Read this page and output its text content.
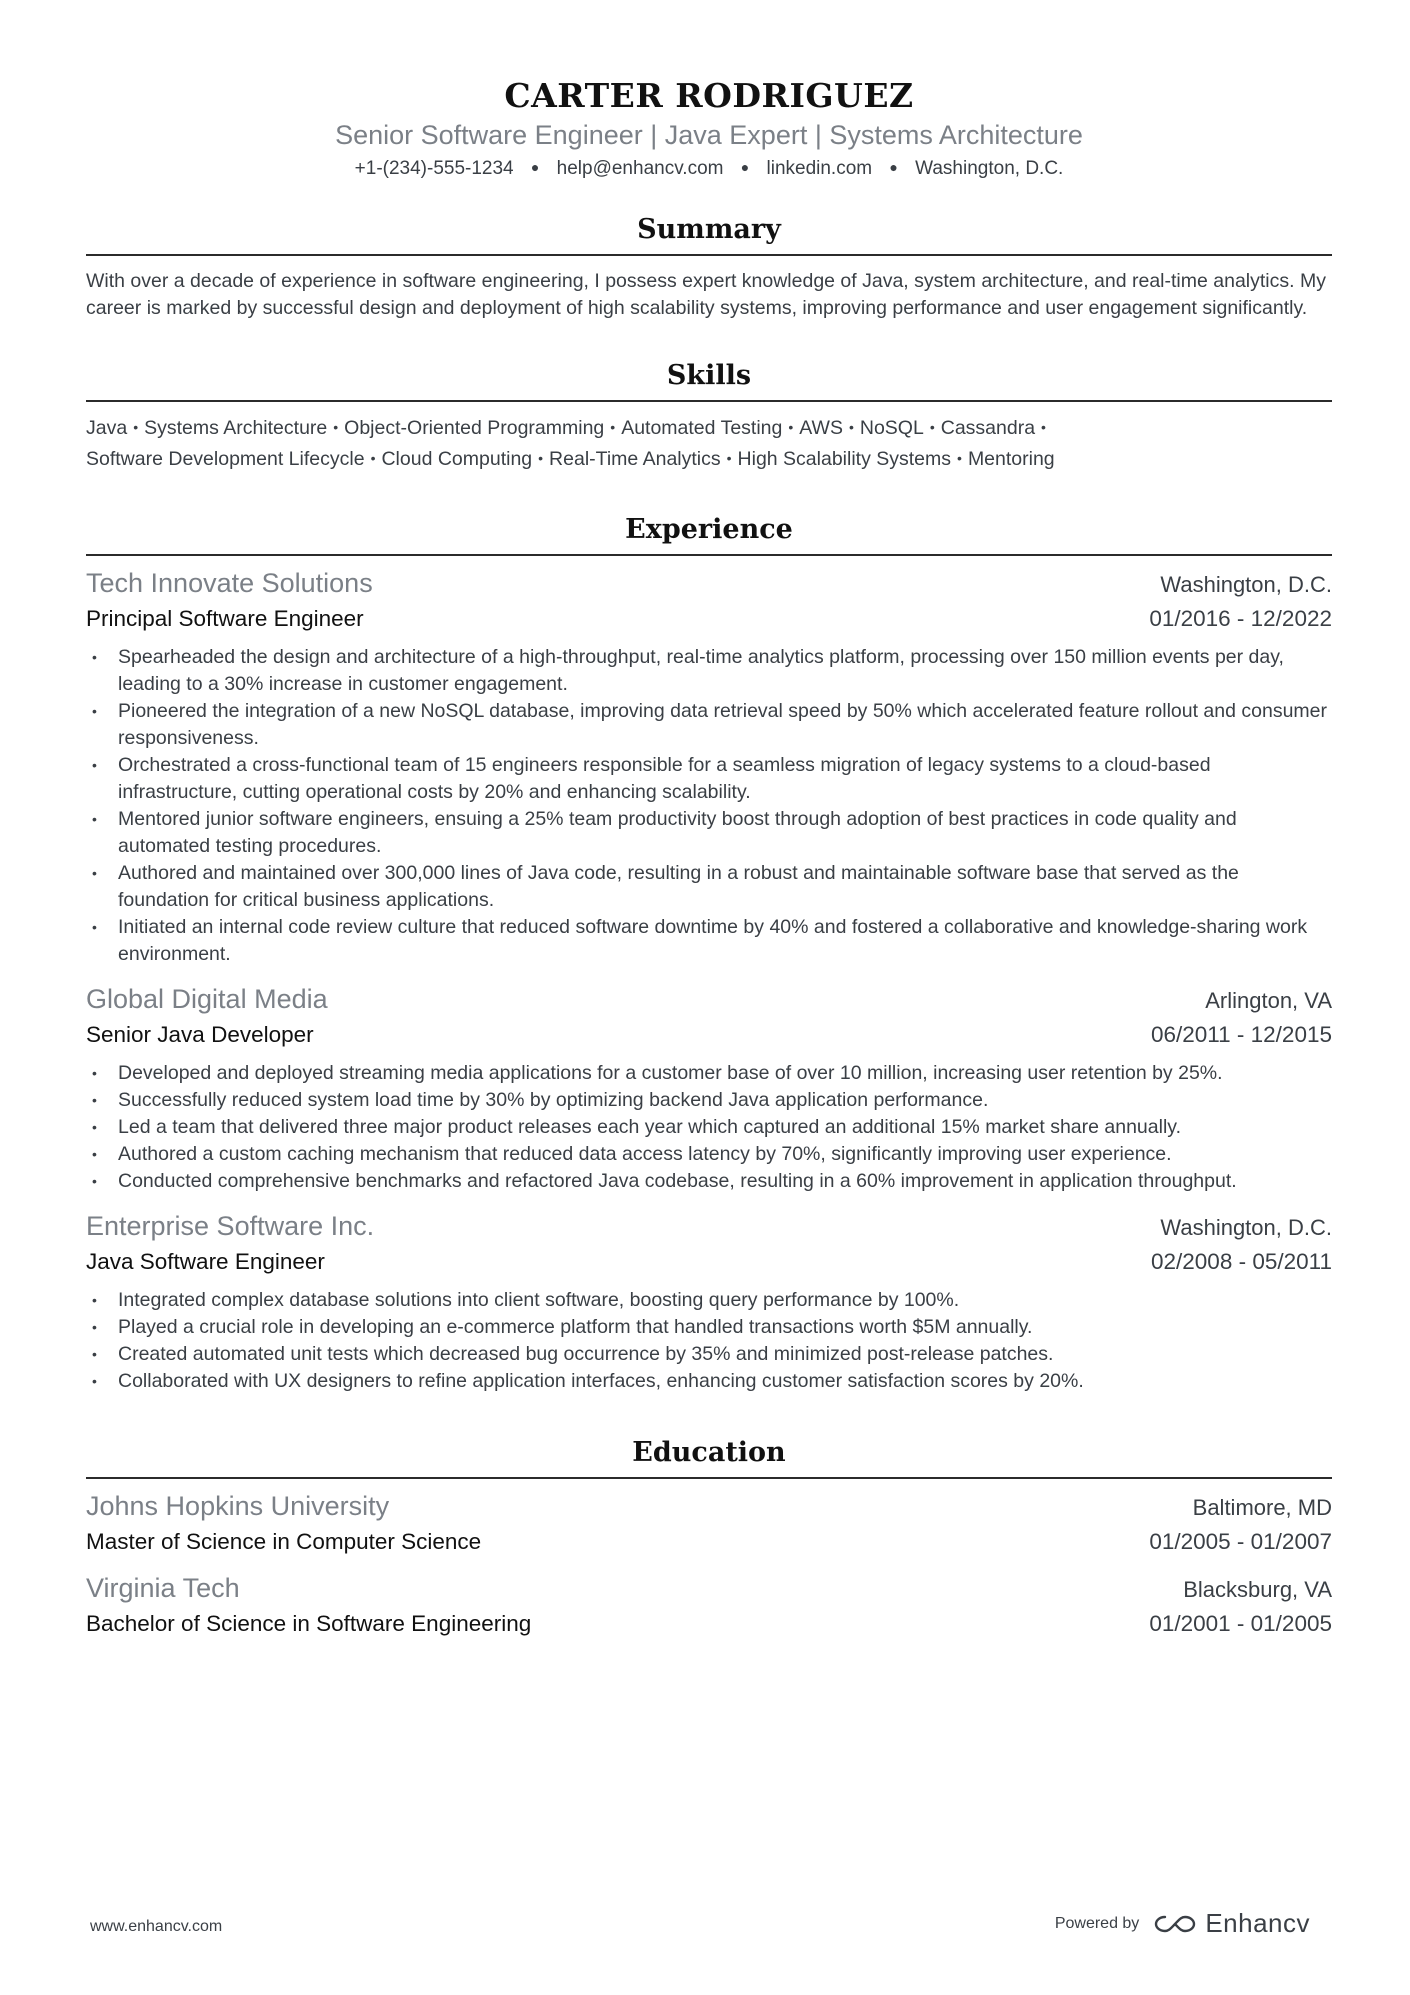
CARTER RODRIGUEZ
Senior Software Engineer | Java Expert | Systems Architecture
+1-(234)-555-1234 ● help@enhancv.com ● linkedin.com ● Washington, D.C.
Summary
With over a decade of experience in software engineering, I possess expert knowledge of Java, system architecture, and real-time analytics. My career is marked by successful design and deployment of high scalability systems, improving performance and user engagement significantly.
Skills
Java • Systems Architecture • Object-Oriented Programming • Automated Testing • AWS • NoSQL • Cassandra •
Software Development Lifecycle • Cloud Computing • Real-Time Analytics • High Scalability Systems • Mentoring
Experience
Tech Innovate Solutions	Washington, D.C.
Principal Software Engineer	01/2016 - 12/2022
• Spearheaded the design and architecture of a high-throughput, real-time analytics platform, processing over 150 million events per day, leading to a 30% increase in customer engagement.
• Pioneered the integration of a new NoSQL database, improving data retrieval speed by 50% which accelerated feature rollout and consumer responsiveness.
• Orchestrated a cross-functional team of 15 engineers responsible for a seamless migration of legacy systems to a cloud-based infrastructure, cutting operational costs by 20% and enhancing scalability.
• Mentored junior software engineers, ensuing a 25% team productivity boost through adoption of best practices in code quality and automated testing procedures.
• Authored and maintained over 300,000 lines of Java code, resulting in a robust and maintainable software base that served as the foundation for critical business applications.
• Initiated an internal code review culture that reduced software downtime by 40% and fostered a collaborative and knowledge-sharing work environment.
Global Digital Media	Arlington, VA
Senior Java Developer	06/2011 - 12/2015
• Developed and deployed streaming media applications for a customer base of over 10 million, increasing user retention by 25%.
• Successfully reduced system load time by 30% by optimizing backend Java application performance.
• Led a team that delivered three major product releases each year which captured an additional 15% market share annually.
• Authored a custom caching mechanism that reduced data access latency by 70%, significantly improving user experience.
• Conducted comprehensive benchmarks and refactored Java codebase, resulting in a 60% improvement in application throughput.
Enterprise Software Inc.	Washington, D.C.
Java Software Engineer	02/2008 - 05/2011
• Integrated complex database solutions into client software, boosting query performance by 100%.
• Played a crucial role in developing an e-commerce platform that handled transactions worth $5M annually.
• Created automated unit tests which decreased bug occurrence by 35% and minimized post-release patches.
• Collaborated with UX designers to refine application interfaces, enhancing customer satisfaction scores by 20%.
Education
Johns Hopkins University	Baltimore, MD
Master of Science in Computer Science	01/2005 - 01/2007
Virginia Tech	Blacksburg, VA
Bachelor of Science in Software Engineering	01/2001 - 01/2005
www.enhancv.com	Powered by	Enhancv
